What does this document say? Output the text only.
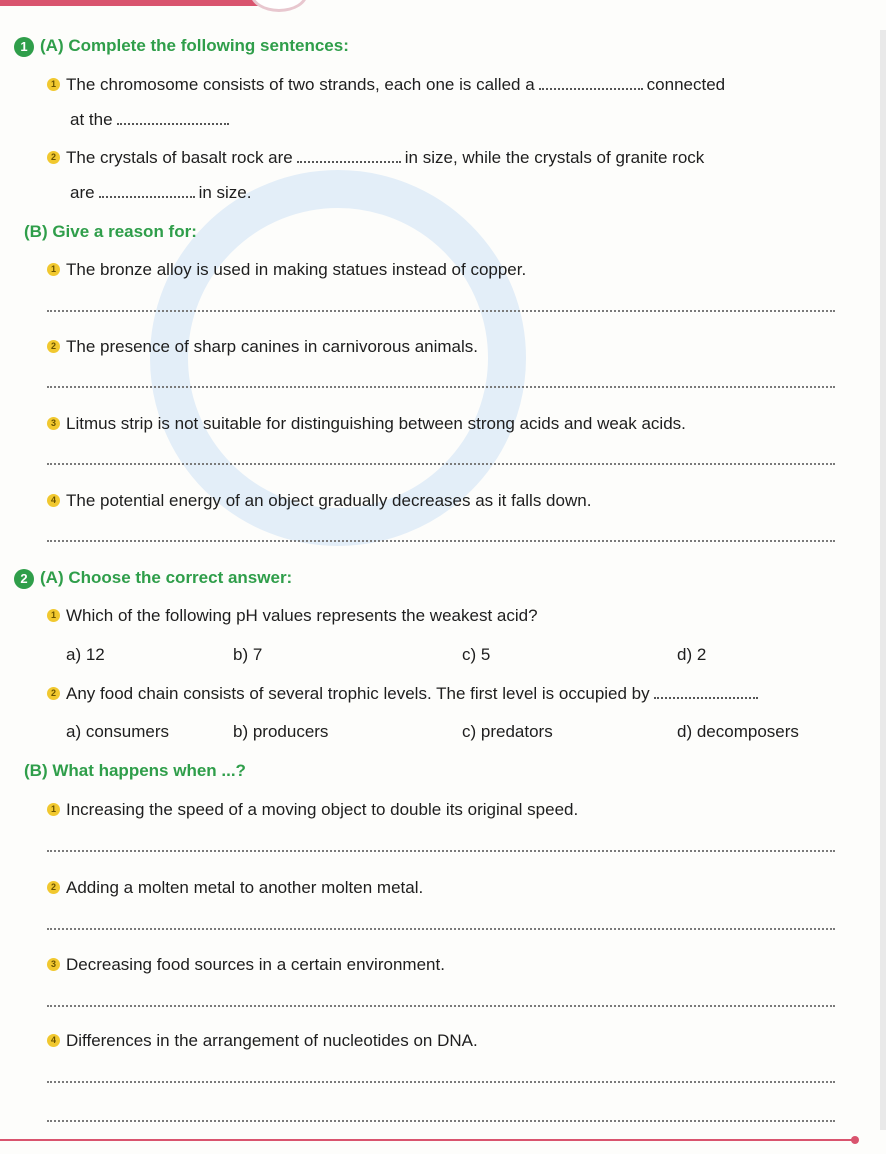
1 (A) Complete the following sentences:
1 The chromosome consists of two strands, each one is called a	connected
at the
2 The crystals of basalt rock are	in size, while the crystals of granite rock
are	in size.
(B) Give a reason for:
1 The bronze alloy is used in making statues instead of copper.
2 The presence of sharp canines in carnivorous animals.
3 Litmus strip is not suitable for distinguishing between strong acids and weak acids.
4 The potential energy of an object gradually decreases as it falls down.
2 (A) Choose the correct answer:
1 Which of the following pH values represents the weakest acid?
a) 12	b) 7	c) 5	d) 2
2 Any food chain consists of several trophic levels. The first level is occupied by
a) consumers	b) producers	c) predators	d) decomposers
(B) What happens when ...?
1 Increasing the speed of a moving object to double its original speed.
2 Adding a molten metal to another molten metal.
3 Decreasing food sources in a certain environment.
4 Differences in the arrangement of nucleotides on DNA.
